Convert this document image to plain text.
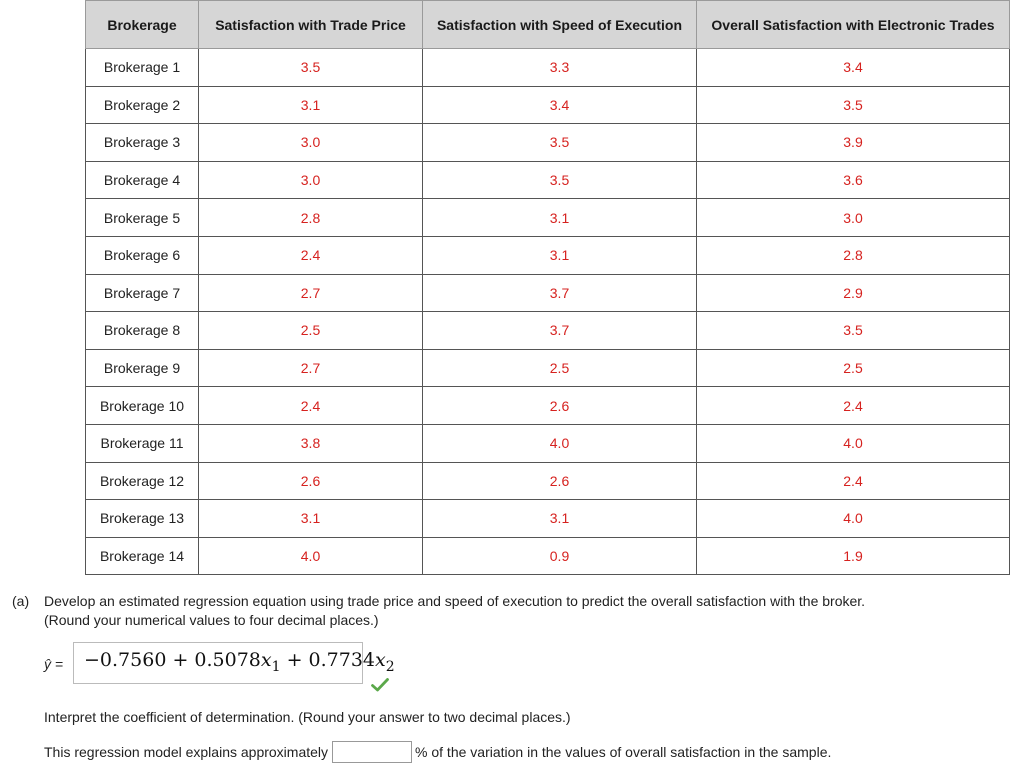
Brokerage	Satisfaction with Trade Price	Satisfaction with Speed of Execution	Overall Satisfaction with Electronic Trades
Brokerage 1	3.5	3.3	3.4
Brokerage 2	3.1	3.4	3.5
Brokerage 3	3.0	3.5	3.9
Brokerage 4	3.0	3.5	3.6
Brokerage 5	2.8	3.1	3.0
Brokerage 6	2.4	3.1	2.8
Brokerage 7	2.7	3.7	2.9
Brokerage 8	2.5	3.7	3.5
Brokerage 9	2.7	2.5	2.5
Brokerage 10	2.4	2.6	2.4
Brokerage 11	3.8	4.0	4.0
Brokerage 12	2.6	2.6	2.4
Brokerage 13	3.1	3.1	4.0
Brokerage 14	4.0	0.9	1.9
(a) Develop an estimated regression equation using trade price and speed of execution to predict the overall satisfaction with the broker.
(Round your numerical values to four decimal places.)
ŷ =	$-0.7560 + 0.5078x_1 + 0.7734x_2$
Interpret the coefficient of determination. (Round your answer to two decimal places.)
This regression model explains approximately	% of the variation in the values of overall satisfaction in the sample.
